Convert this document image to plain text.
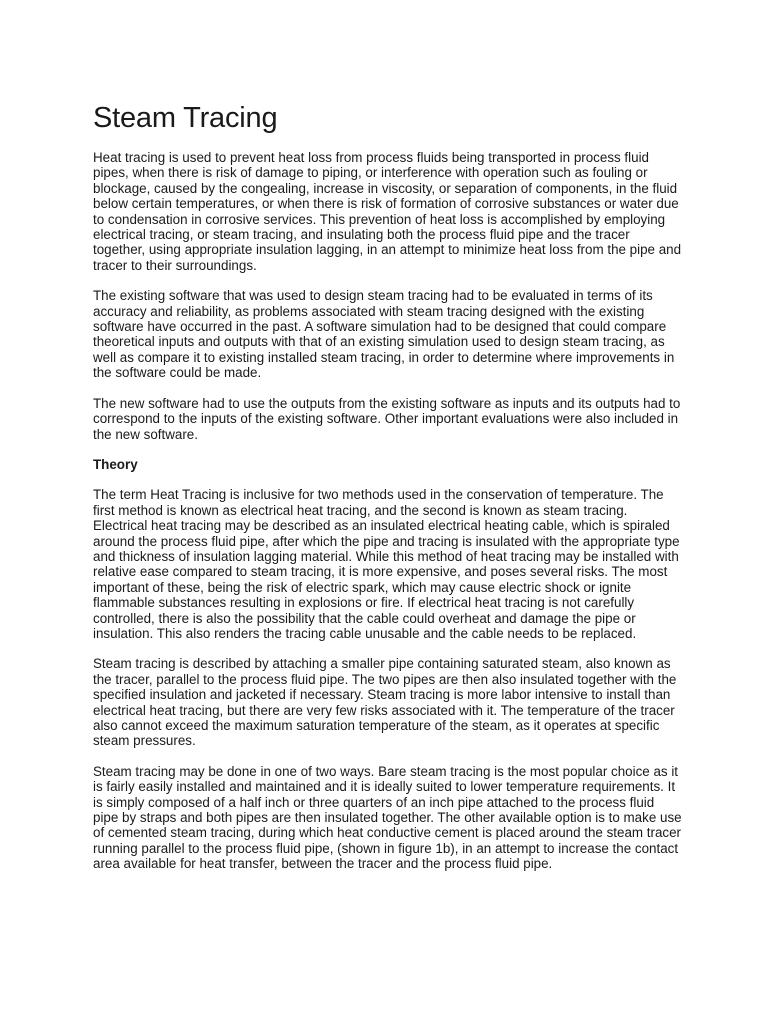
Steam Tracing

Heat tracing is used to prevent heat loss from process fluids being transported in process fluid pipes, when there is risk of damage to piping, or interference with operation such as fouling or blockage, caused by the congealing, increase in viscosity, or separation of components, in the fluid below certain temperatures, or when there is risk of formation of corrosive substances or water due to condensation in corrosive services. This prevention of heat loss is accomplished by employing electrical tracing, or steam tracing, and insulating both the process fluid pipe and the tracer together, using appropriate insulation lagging, in an attempt to minimize heat loss from the pipe and tracer to their surroundings.

The existing software that was used to design steam tracing had to be evaluated in terms of its accuracy and reliability, as problems associated with steam tracing designed with the existing software have occurred in the past. A software simulation had to be designed that could compare theoretical inputs and outputs with that of an existing simulation used to design steam tracing, as well as compare it to existing installed steam tracing, in order to determine where improvements in the software could be made.

The new software had to use the outputs from the existing software as inputs and its outputs had to correspond to the inputs of the existing software. Other important evaluations were also included in the new software.

Theory

The term Heat Tracing is inclusive for two methods used in the conservation of temperature. The first method is known as electrical heat tracing, and the second is known as steam tracing. Electrical heat tracing may be described as an insulated electrical heating cable, which is spiraled around the process fluid pipe, after which the pipe and tracing is insulated with the appropriate type and thickness of insulation lagging material. While this method of heat tracing may be installed with relative ease compared to steam tracing, it is more expensive, and poses several risks. The most important of these, being the risk of electric spark, which may cause electric shock or ignite flammable substances resulting in explosions or fire. If electrical heat tracing is not carefully controlled, there is also the possibility that the cable could overheat and damage the pipe or insulation. This also renders the tracing cable unusable and the cable needs to be replaced.

Steam tracing is described by attaching a smaller pipe containing saturated steam, also known as the tracer, parallel to the process fluid pipe. The two pipes are then also insulated together with the specified insulation and jacketed if necessary. Steam tracing is more labor intensive to install than electrical heat tracing, but there are very few risks associated with it. The temperature of the tracer also cannot exceed the maximum saturation temperature of the steam, as it operates at specific steam pressures.

Steam tracing may be done in one of two ways. Bare steam tracing is the most popular choice as it is fairly easily installed and maintained and it is ideally suited to lower temperature requirements. It is simply composed of a half inch or three quarters of an inch pipe attached to the process fluid pipe by straps and both pipes are then insulated together. The other available option is to make use of cemented steam tracing, during which heat conductive cement is placed around the steam tracer running parallel to the process fluid pipe, (shown in figure 1b), in an attempt to increase the contact area available for heat transfer, between the tracer and the process fluid pipe.
